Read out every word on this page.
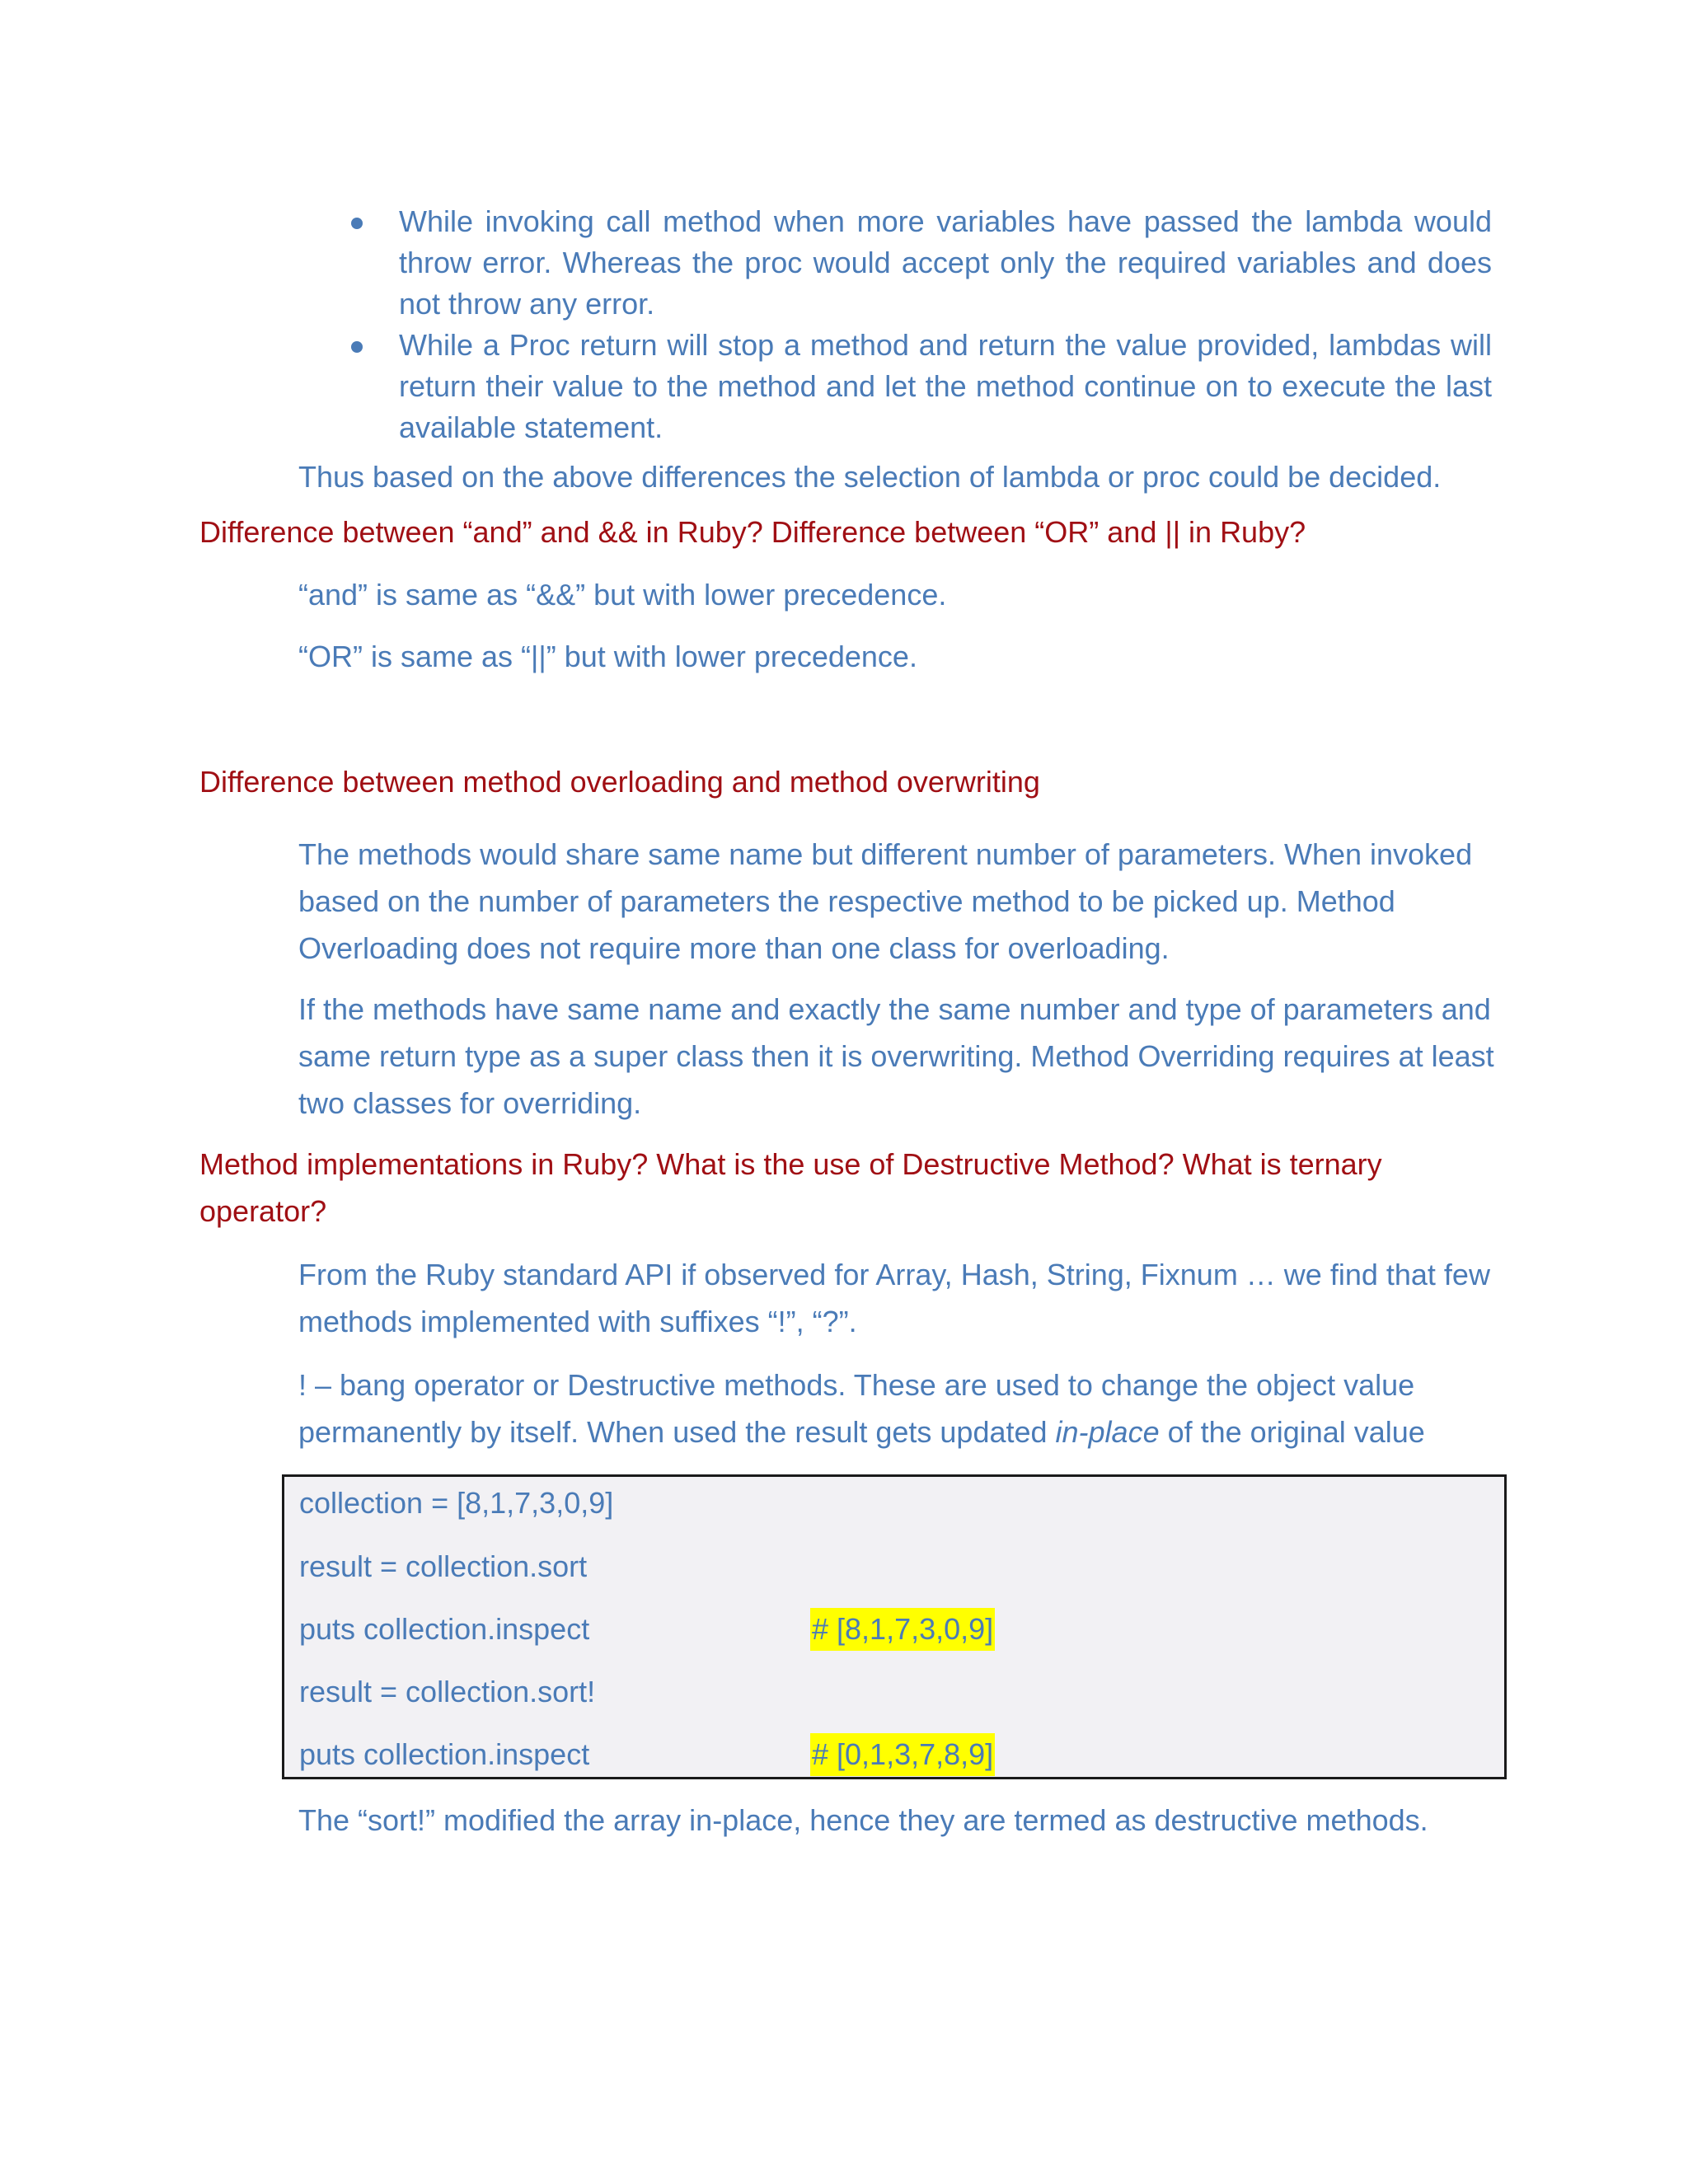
While invoking call method when more variables have passed the lambda would throw error. Whereas the proc would accept only the required variables and does not throw any error.
While a Proc return will stop a method and return the value provided, lambdas will return their value to the method and let the method continue on to execute the last available statement.

Thus based on the above differences the selection of lambda or proc could be decided.

Difference between “and” and && in Ruby? Difference between “OR” and || in Ruby?

“and” is same as “&&” but with lower precedence.

“OR” is same as “||” but with lower precedence.

Difference between method overloading and method overwriting

The methods would share same name but different number of parameters. When invoked based on the number of parameters the respective method to be picked up. Method Overloading does not require more than one class for overloading.

If the methods have same name and exactly the same number and type of parameters and same return type as a super class then it is overwriting. Method Overriding requires at least two classes for overriding.

Method implementations in Ruby? What is the use of Destructive Method? What is ternary operator?

From the Ruby standard API if observed for Array, Hash, String, Fixnum … we find that few methods implemented with suffixes “!”, “?”.

! – bang operator or Destructive methods. These are used to change the object value permanently by itself. When used the result gets updated in-place of the original value

collection = [8,1,7,3,0,9]
result = collection.sort
puts collection.inspect	# [8,1,7,3,0,9]
result = collection.sort!
puts collection.inspect	# [0,1,3,7,8,9]

The “sort!” modified the array in-place, hence they are termed as destructive methods.
